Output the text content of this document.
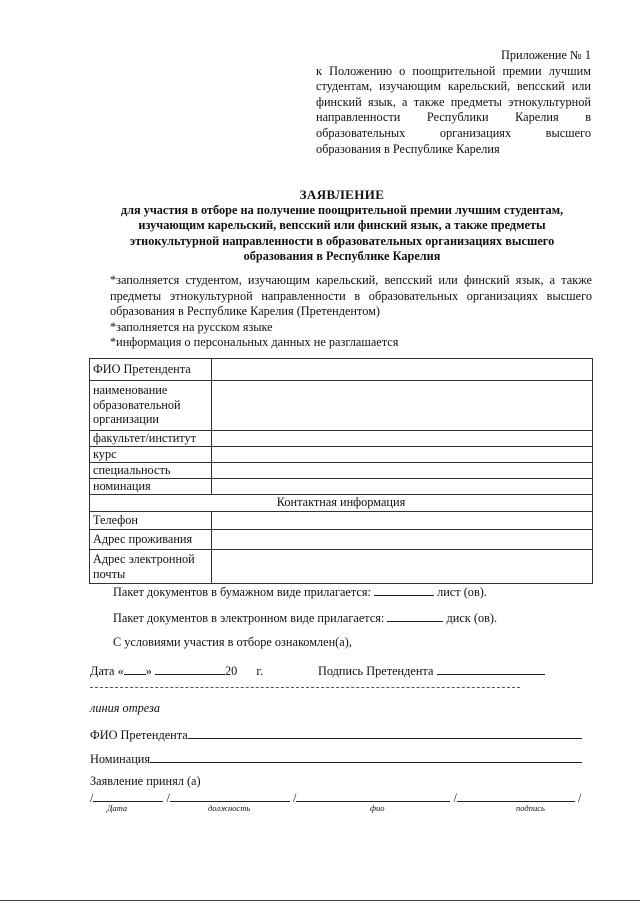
Приложение № 1
к Положению о поощрительной премии лучшим студентам, изучающим карельский, вепсский или финский язык, а также предметы этнокультурной направленности Республики Карелия в образовательных организациях высшего образования в Республике Карелия
ЗАЯВЛЕНИЕ
для участия в отборе на получение поощрительной премии лучшим студентам,
изучающим карельский, вепсский или финский язык, а также предметы
этнокультурной направленности в образовательных организациях высшего
образования в Республике Карелия
*заполняется студентом, изучающим карельский, вепсский или финский язык, а также предметы этнокультурной направленности в образовательных организациях высшего образования в Республике Карелия (Претендентом)
*заполняется на русском языке
*информация о персональных данных не разглашается
ФИО Претендента	
наименование образовательной организации	
факультет/институт	
курс	
специальность	
номинация	
Контактная информация	
Телефон	
Адрес проживания	
Адрес электронной почты	
Пакет документов в бумажном виде прилагается:	лист (ов).
Пакет документов в электронном виде прилагается:	диск (ов).
С условиями участия в отборе ознакомлен(а),
Дата « »	20 г.	Подпись Претендента
линия отреза
ФИО Претендента
Номинация
Заявление принял (а)
/	/	/	/	/
Дата	должность	фио	подпись
